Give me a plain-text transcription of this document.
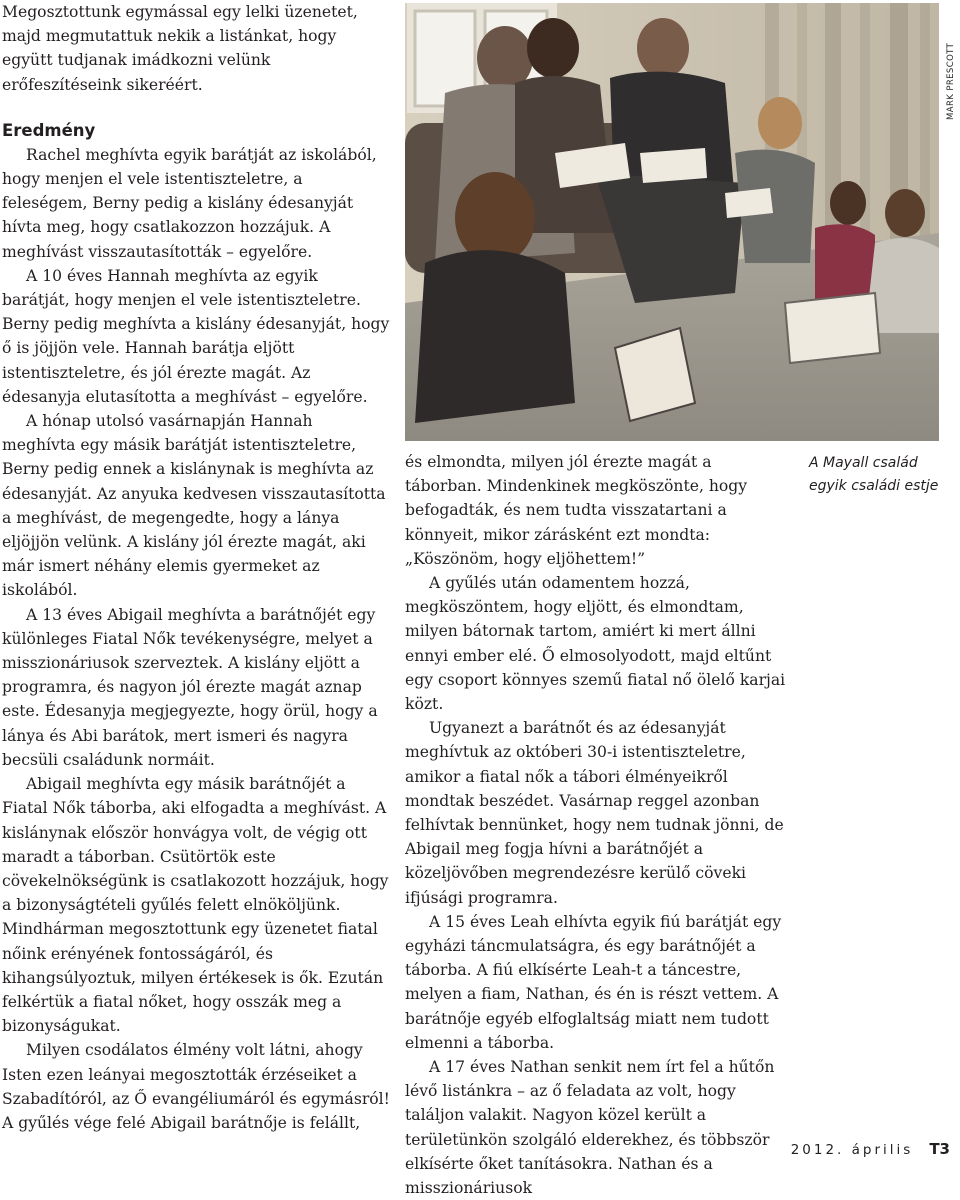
Megosztottunk egymással egy lelki üzenetet, majd megmutattuk nekik a listánkat, hogy együtt tudjanak imádkozni velünk erőfeszítéseink sikeréért.

Eredmény

Rachel meghívta egyik barátját az iskolából, hogy menjen el vele istentiszteletre, a feleségem, Berny pedig a kislány édesanyját hívta meg, hogy csatlakozzon hozzájuk. A meghívást visszautasították – egyelőre.

A 10 éves Hannah meghívta az egyik barátját, hogy menjen el vele istentiszteletre. Berny pedig meghívta a kislány édesanyját, hogy ő is jöjjön vele. Hannah barátja eljött istentiszteletre, és jól érezte magát. Az édesanyja elutasította a meghívást – egyelőre.

A hónap utolsó vasárnapján Hannah meghívta egy másik barátját istentiszteletre, Berny pedig ennek a kislánynak is meghívta az édesanyját. Az anyuka kedvesen visszautasította a meghívást, de megengedte, hogy a lánya eljöjjön velünk. A kislány jól érezte magát, aki már ismert néhány elemis gyermeket az iskolából.

A 13 éves Abigail meghívta a barátnőjét egy különleges Fiatal Nők tevékenységre, melyet a misszionáriusok szerveztek. A kislány eljött a programra, és nagyon jól érezte magát aznap este. Édesanyja megjegyezte, hogy örül, hogy a lánya és Abi barátok, mert ismeri és nagyra becsüli családunk normáit.

Abigail meghívta egy másik barátnőjét a Fiatal Nők táborba, aki elfogadta a meghívást. A kislánynak először honvágya volt, de végig ott maradt a táborban. Csütörtök este cövekelnökségünk is csatlakozott hozzájuk, hogy a bizonyságtételi gyűlés felett elnököljünk. Mindhárman megosztottunk egy üzenetet fiatal nőink erényének fontosságáról, és kihangsúlyoztuk, milyen értékesek is ők. Ezután felkértük a fiatal nőket, hogy osszák meg a bizonyságukat.

Milyen csodálatos élmény volt látni, ahogy Isten ezen leányai megosztották érzéseiket a Szabadítóról, az Ő evangéliumáról és egymásról! A gyűlés vége felé Abigail barátnője is felállt,

MARK PRESCOTT

és elmondta, milyen jól érezte magát a táborban. Mindenkinek megköszönte, hogy befogadták, és nem tudta visszatartani a könnyeit, mikor zárásként ezt mondta: „Köszönöm, hogy eljöhettem!”

A gyűlés után odamentem hozzá, megköszöntem, hogy eljött, és elmondtam, milyen bátornak tartom, amiért ki mert állni ennyi ember elé. Ő elmosolyodott, majd eltűnt egy csoport könnyes szemű fiatal nő ölelő karjai közt.

Ugyanezt a barátnőt és az édesanyját meghívtuk az októberi 30-i istentiszteletre, amikor a fiatal nők a tábori élményeikről mondtak beszédet. Vasárnap reggel azonban felhívtak bennünket, hogy nem tudnak jönni, de Abigail meg fogja hívni a barátnőjét a közeljövőben megrendezésre kerülő cöveki ifjúsági programra.

A 15 éves Leah elhívta egyik fiú barátját egy egyházi táncmulatságra, és egy barátnőjét a táborba. A fiú elkísérte Leah-t a táncestre, melyen a fiam, Nathan, és én is részt vettem. A barátnője egyéb elfoglaltság miatt nem tudott elmenni a táborba.

A 17 éves Nathan senkit nem írt fel a hűtőn lévő listánkra – az ő feladata az volt, hogy találjon valakit. Nagyon közel került a területünkön szolgáló elderekhez, és többször elkísérte őket tanításokra. Nathan és a misszionáriusok

A Mayall család egyik családi estje
2012. április T3
